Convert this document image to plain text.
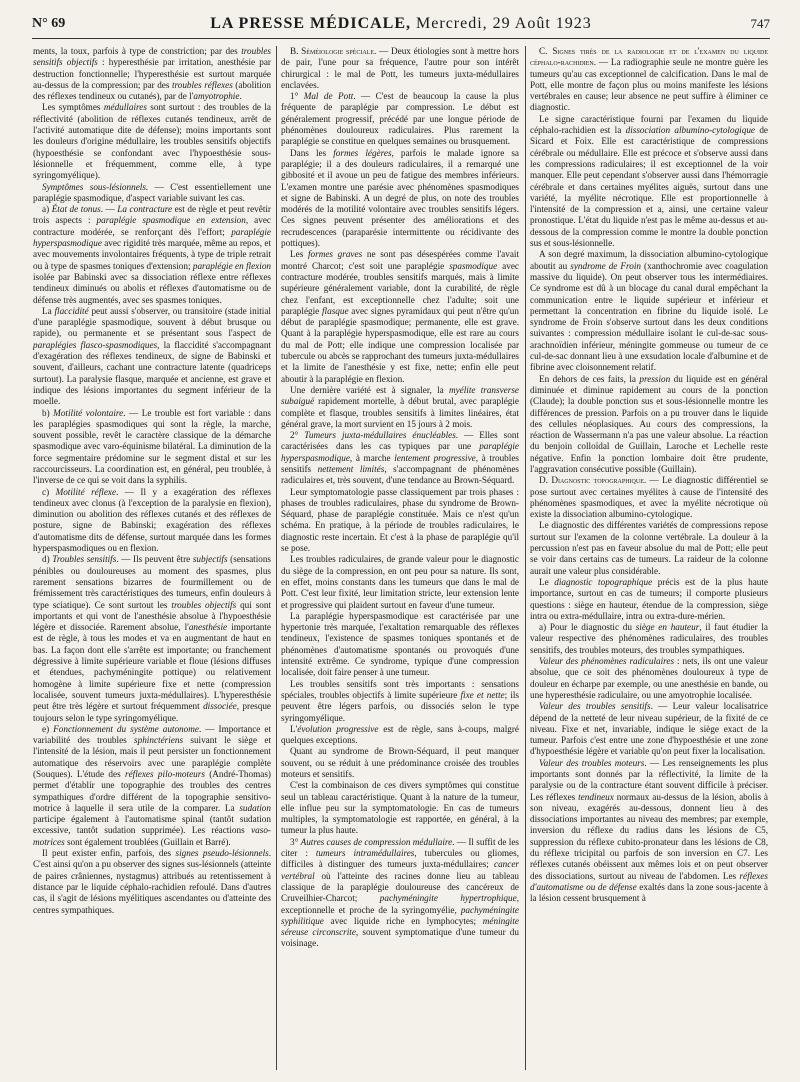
N° 69	LA PRESSE MÉDICALE, Mercredi, 29 Août 1923	747

ments, la toux, parfois à type de constriction; par des troubles sensitifs objectifs : hyperesthésie par irritation, anesthésie par destruction fonctionnelle; l'hyperesthésie est surtout marquée au-dessus de la compression; par des troubles réflexes (abolition des réflexes tendineux ou cutanés), par de l'amyotrophie.

Les symptômes médullaires sont surtout : des troubles de la réflectivité (abolition de réflexes cutanés tendineux, arrêt de l'activité automatique dite de défense); moins importants sont les douleurs d'origine médullaire, les troubles sensitifs objectifs (hypoesthésie se confondant avec l'hypoesthésie sous-lésionnelle et fréquemment, comme elle, à type syringomyélique).

Symptômes sous-lésionnels. — C'est essentiellement une paraplégie spasmodique, d'aspect variable suivant les cas.

a) État de tonus. — La contracture est de règle et peut revêtir trois aspects : paraplégie spasmodique en extension, avec contracture modérée, se renforçant dès l'effort; paraplégie hyperspasmodique avec rigidité très marquée, même au repos, et avec mouvements involontaires fréquents, à type de triple retrait ou à type de spasmes toniques d'extension; paraplégie en flexion isolée par Babinski avec sa dissociation réflexe entre réflexes tendineux diminués ou abolis et réflexes d'automatisme ou de défense très augmentés, avec ses spasmes toniques.

La flaccidité peut aussi s'observer, ou transitoire (stade initial d'une paraplégie spasmodique, souvent à début brusque ou rapide), ou permanente et se présentant sous l'aspect de paraplégies flasco-spasmodiques, la flaccidité s'accompagnant d'exagération des réflexes tendineux, de signe de Babinski et souvent, d'ailleurs, cachant une contracture latente (quadriceps surtout). La paralysie flasque, marquée et ancienne, est grave et indique des lésions importantes du segment inférieur de la moelle.

b) Motilité volontaire. — Le trouble est fort variable : dans les paraplégies spasmodiques qui sont la règle, la marche, souvent possible, revêt le caractère classique de la démarche spasmodique avec varo-équinisme bilatéral. La diminution de la force segmentaire prédomine sur le segment distal et sur les raccourcisseurs. La coordination est, en général, peu troublée, à l'inverse de ce qui se voit dans la syphilis.

c) Motilité réflexe. — Il y a exagération des réflexes tendineux avec clonus (à l'exception de la paralysie en flexion), diminution ou abolition des réflexes cutanés et des réflexes de posture, signe de Babinski; exagération des réflexes d'automatisme dits de défense, surtout marquée dans les formes hyperspasmodiques ou en flexion.

d) Troubles sensitifs. — Ils peuvent être subjectifs (sensations pénibles ou douloureuses au moment des spasmes, plus rarement sensations bizarres de fourmillement ou de frémissement très caractéristiques des tumeurs, enfin douleurs à type sciatique). Ce sont surtout les troubles objectifs qui sont importants et qui vont de l'anesthésie absolue à l'hypoesthésie légère et dissociée. Rarement absolue, l'anesthésie importante est de règle, à tous les modes et va en augmentant de haut en bas. La façon dont elle s'arrête est importante; ou franchement dégressive à limite supérieure variable et floue (lésions diffuses et étendues, pachyméningite pottique) ou relativement homogène à limite supérieure fixe et nette (compression localisée, souvent tumeurs juxta-médullaires). L'hyperesthésie peut être très légère et surtout fréquemment dissociée, presque toujours selon le type syringomyélique.

e) Fonctionnement du système autonome. — Importance et variabilité des troubles sphinctériens suivant le siège et l'intensité de la lésion, mais il peut persister un fonctionnement automatique des réservoirs avec une paraplégie complète (Souques). L'étude des réflexes pilo-moteurs (André-Thomas) permet d'établir une topographie des troubles des centres sympathiques d'ordre différent de la topographie sensitivo-motrice à laquelle il sera utile de la comparer. La sudation participe également à l'automatisme spinal (tantôt sudation excessive, tantôt sudation supprimée). Les réactions vaso-motrices sont également troublées (Guillain et Barré).

Il peut exister enfin, parfois, des signes pseudo-lésionnels. C'est ainsi qu'on a pu observer des signes sus-lésionnels (atteinte de paires crâniennes, nystagmus) attribués au retentissement à distance par le liquide céphalo-rachidien refoulé. Dans d'autres cas, il s'agit de lésions myélitiques ascendantes ou d'atteinte des centres sympathiques.

B. Séméiologie spéciale. — Deux étiologies sont à mettre hors de pair, l'une pour sa fréquence, l'autre pour son intérêt chirurgical : le mal de Pott, les tumeurs juxta-médullaires enclavées.

1° Mal de Pott. — C'est de beaucoup la cause la plus fréquente de paraplégie par compression. Le début est généralement progressif, précédé par une longue période de phénomènes douloureux radiculaires. Plus rarement la paraplégie se constitue en quelques semaines ou brusquement.

Dans les formes légères, parfois le malade ignore sa paraplégie; il a des douleurs radiculaires, il a remarqué une gibbosité et il avoue un peu de fatigue des membres inférieurs. L'examen montre une parésie avec phénomènes spasmodiques et signe de Babinski. A un degré de plus, on note des troubles modérés de la motilité volontaire avec troubles sensitifs légers. Ces signes peuvent présenter des améliorations et des recrudescences (paraparésie intermittente ou récidivante des pottiques).

Les formes graves ne sont pas désespérées comme l'avait montré Charcot; c'est soit une paraplégie spasmodique avec contracture modérée, troubles sensitifs marqués, mais à limite supérieure généralement variable, dont la curabilité, de règle chez l'enfant, est exceptionnelle chez l'adulte; soit une paraplégie flasque avec signes pyramidaux qui peut n'être qu'un début de paraplégie spasmodique; permanente, elle est grave. Quant à la paraplégie hyperspasmodique, elle est rare au cours du mal de Pott; elle indique une compression localisée par tubercule ou abcès se rapprochant des tumeurs juxta-médullaires et la limite de l'anesthésie y est fixe, nette; enfin elle peut aboutir à la paraplégie en flexion.

Une dernière variété est à signaler, la myélite transverse subaiguë rapidement mortelle, à début brutal, avec paraplégie complète et flasque, troubles sensitifs à limites linéaires, état général grave, la mort survient en 15 jours à 2 mois.

2° Tumeurs juxta-médullaires énucléables. — Elles sont caractérisées dans les cas typiques par une paraplégie hyperspasmodique, à marche lentement progressive, à troubles sensitifs nettement limités, s'accompagnant de phénomènes radiculaires et, très souvent, d'une tendance au Brown-Séquard.

Leur symptomatologie passe classiquement par trois phases : phases de troubles radiculaires, phase du syndrome de Brown-Séquard, phase de paraplégie constituée. Mais ce n'est qu'un schéma. En pratique, à la période de troubles radiculaires, le diagnostic reste incertain. Et c'est à la phase de paraplégie qu'il se pose.

Les troubles radiculaires, de grande valeur pour le diagnostic du siège de la compression, en ont peu pour sa nature. Ils sont, en effet, moins constants dans les tumeurs que dans le mal de Pott. C'est leur fixité, leur limitation stricte, leur extension lente et progressive qui plaident surtout en faveur d'une tumeur.

La paraplégie hyperspasmodique est caractérisée par une hypertonie très marquée, l'exaltation remarquable des réflexes tendineux, l'existence de spasmes toniques spontanés et de phénomènes d'automatisme spontanés ou provoqués d'une intensité extrême. Ce syndrome, typique d'une compression localisée, doit faire penser à une tumeur.

Les troubles sensitifs sont très importants : sensations spéciales, troubles objectifs à limite supérieure fixe et nette; ils peuvent être légers parfois, ou dissociés selon le type syringomyélique.

L'évolution progressive est de règle, sans à-coups, malgré quelques exceptions.

Quant au syndrome de Brown-Séquard, il peut manquer souvent, ou se réduit à une prédominance croisée des troubles moteurs et sensitifs.

C'est la combinaison de ces divers symptômes qui constitue seul un tableau caractéristique. Quant à la nature de la tumeur, elle influe peu sur la symptomatologie. En cas de tumeurs multiples, la symptomatologie est rapportée, en général, à la tumeur la plus haute.

3° Autres causes de compression médullaire. — Il suffit de les citer : tumeurs intramédullaires, tubercules ou gliomes, difficiles à distinguer des tumeurs juxta-médullaires; cancer vertébral où l'atteinte des racines donne lieu au tableau classique de la paraplégie douloureuse des cancéreux de Cruveilhier-Charcot; pachyméningite hypertrophique, exceptionnelle et proche de la syringomyélie, pachyméningite syphilitique avec liquide riche en lymphocytes; méningite séreuse circonscrite, souvent symptomatique d'une tumeur du voisinage.

C. Signes tirés de la radiologie et de l'examen du liquide céphalo-rachidien. — La radiographie seule ne montre guère les tumeurs qu'au cas exceptionnel de calcification. Dans le mal de Pott, elle montre de façon plus ou moins manifeste les lésions vertébrales en cause; leur absence ne peut suffire à éliminer ce diagnostic.

Le signe caractéristique fourni par l'examen du liquide céphalo-rachidien est la dissociation albumino-cytologique de Sicard et Foix. Elle est caractéristique de compressions cérébrale ou médullaire. Elle est précoce et s'observe aussi dans les compressions radiculaires; il est exceptionnel de la voir manquer. Elle peut cependant s'observer aussi dans l'hémorragie cérébrale et dans certaines myélites aiguës, surtout dans une variété, la myélite nécrotique. Elle est proportionnelle à l'intensité de la compression et a, ainsi, une certaine valeur pronostique. L'état du liquide n'est pas le même au-dessus et au-dessous de la compression comme le montre la double ponction sus et sous-lésionnelle.

A son degré maximum, la dissociation albumino-cytologique aboutit au syndrome de Froin (xanthochromie avec coagulation massive du liquide). On peut observer tous les intermédiaires. Ce syndrome est dû à un blocage du canal dural empêchant la communication entre le liquide supérieur et inférieur et permettant la concentration en fibrine du liquide isolé. Le syndrome de Froin s'observe surtout dans les deux conditions suivantes : compression médullaire isolant le cul-de-sac sous-arachnoïdien inférieur, méningite gommeuse ou tumeur de ce cul-de-sac donnant lieu à une exsudation locale d'albumine et de fibrine avec cloisonnement relatif.

En dehors de ces faits, la pression du liquide est en général diminuée et diminue rapidement au cours de la ponction (Claude); la double ponction sus et sous-lésionnelle montre les différences de pression. Parfois on a pu trouver dans le liquide des cellules néoplasiques. Au cours des compressions, la réaction de Wassermann n'a pas une valeur absolue. La réaction du benjoin colloïdal de Guillain, Laroche et Lechelle reste négative. Enfin la ponction lombaire doit être prudente, l'aggravation consécutive possible (Guillain).

D. Diagnostic topographique. — Le diagnostic différentiel se pose surtout avec certaines myélites à cause de l'intensité des phénomènes spasmodiques, et avec la myélite nécrotique où existe la dissociation albumino-cytologique.

Le diagnostic des différentes variétés de compressions repose surtout sur l'examen de la colonne vertébrale. La douleur à la percussion n'est pas en faveur absolue du mal de Pott; elle peut se voir dans certains cas de tumeurs. La raideur de la colonne aurait une valeur plus considérable.

Le diagnostic topographique précis est de la plus haute importance, surtout en cas de tumeurs; il comporte plusieurs questions : siège en hauteur, étendue de la compression, siège intra ou extra-médullaire, intra ou extra-dure-mérien.

a) Pour le diagnostic du siège en hauteur, il faut étudier la valeur respective des phénomènes radiculaires, des troubles sensitifs, des troubles moteurs, des troubles sympathiques.

Valeur des phénomènes radiculaires : nets, ils ont une valeur absolue, que ce soit des phénomènes douloureux à type de douleur en écharpe par exemple, ou une anesthésie en bande, ou une hyperesthésie radiculaire, ou une amyotrophie localisée.

Valeur des troubles sensitifs. — Leur valeur localisatrice dépend de la netteté de leur niveau supérieur, de la fixité de ce niveau. Fixe et net, invariable, indique le siège exact de la tumeur. Parfois c'est entre une zone d'hypoesthésie et une zone d'hypoesthésie légère et variable qu'on peut fixer la localisation.

Valeur des troubles moteurs. — Les renseignements les plus importants sont donnés par la réflectivité, la limite de la paralysie ou de la contracture étant souvent difficile à préciser. Les réflexes tendineux normaux au-dessus de la lésion, abolis à son niveau, exagérés au-dessous, donnent lieu à des dissociations importantes au niveau des membres; par exemple, inversion du réflexe du radius dans les lésions de C5, suppression du réflexe cubito-pronateur dans les lésions de C8, du réflexe tricipital ou parfois de son inversion en C7. Les réflexes cutanés obéissent aux mêmes lois et on peut observer des dissociations, surtout au niveau de l'abdomen. Les réflexes d'automatisme ou de défense exaltés dans la zone sous-jacente à la lésion cessent brusquement à
